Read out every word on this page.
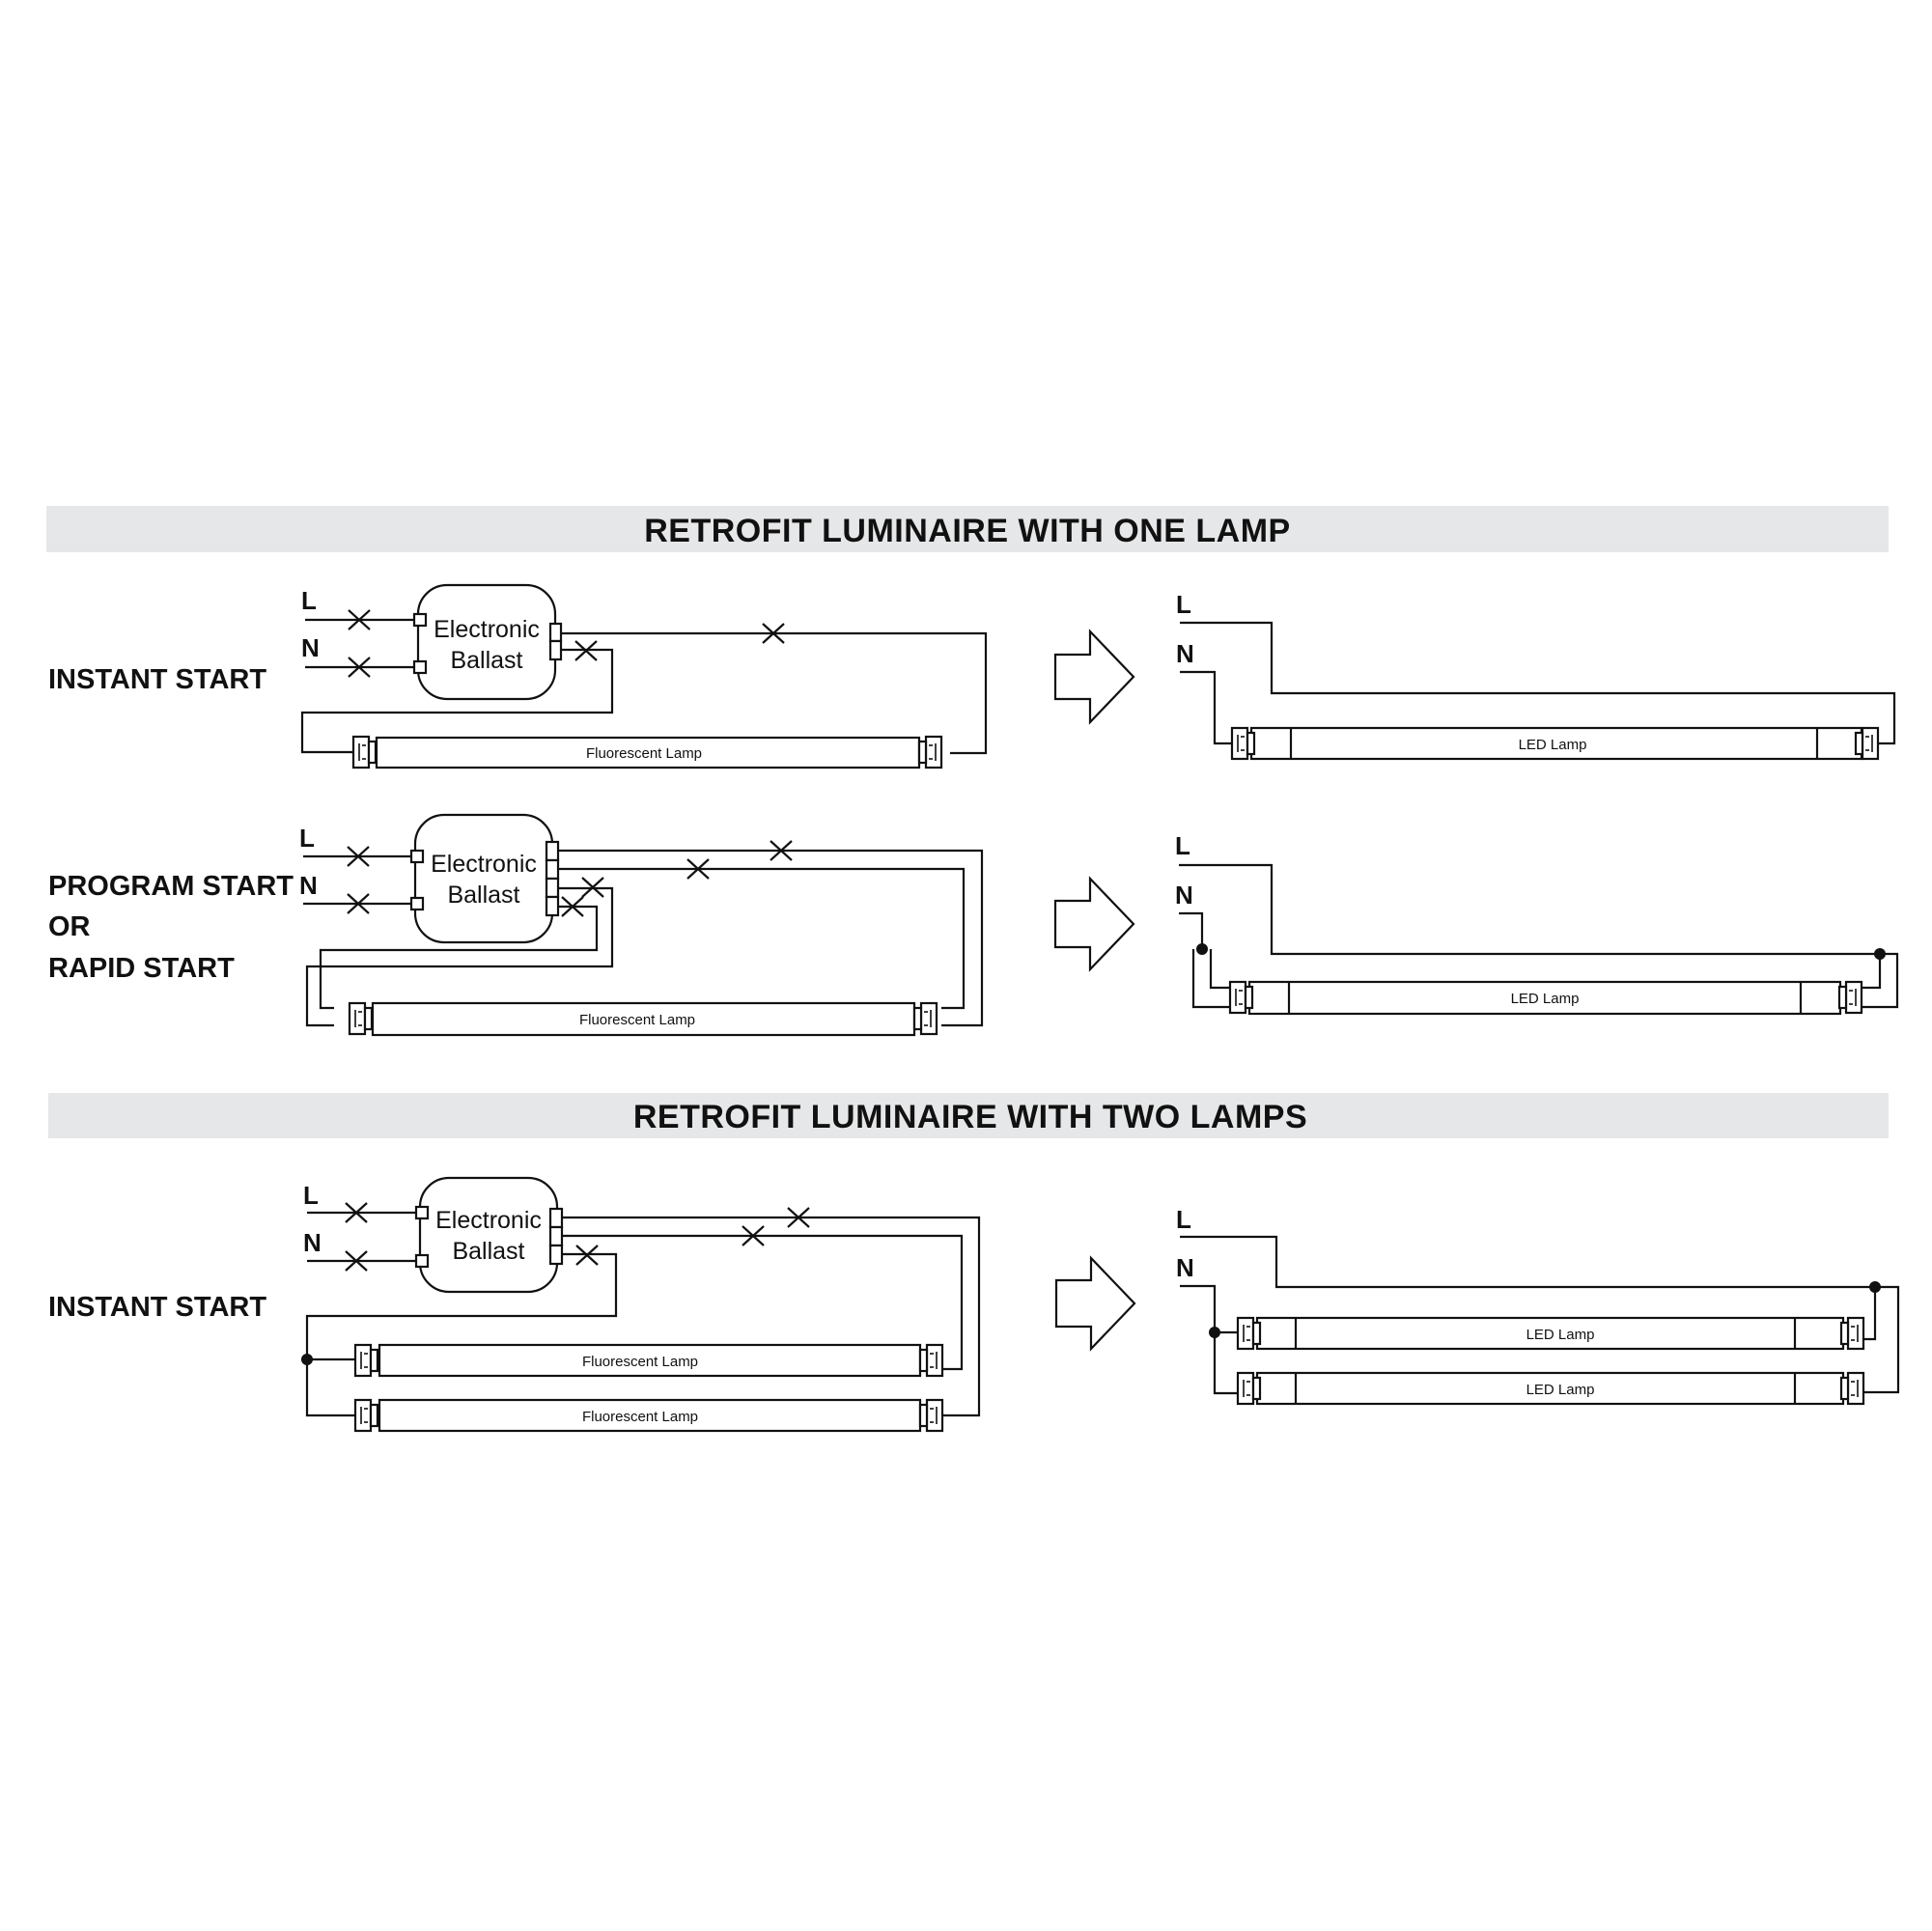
RETROFIT LUMINAIRE WITH ONE LAMP
RETROFIT LUMINAIRE WITH TWO LAMPS
INSTANT START
PROGRAM START
OR
RAPID START
INSTANT START
L
N
Electronic
Ballast
Fluorescent Lamp
L
N
LED Lamp
L
N
Electronic
Ballast
Fluorescent Lamp
L
N
LED Lamp
L
N
Electronic
Ballast
Fluorescent Lamp
Fluorescent Lamp
L
N
LED Lamp
LED Lamp
